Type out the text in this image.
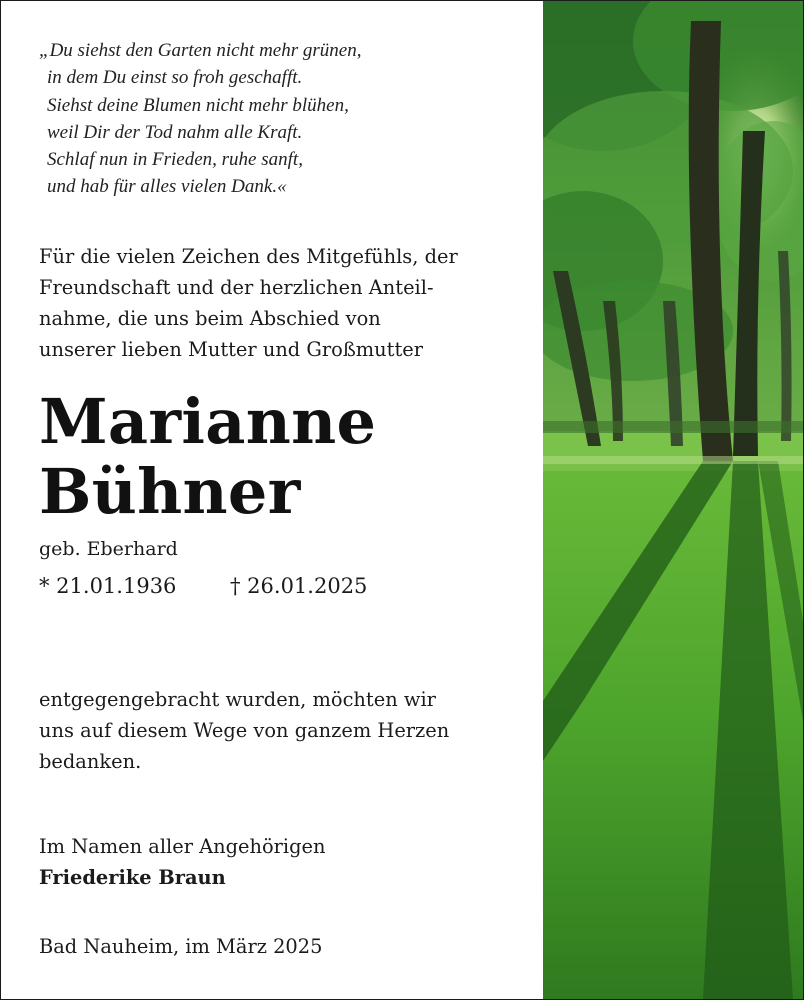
„Du siehst den Garten nicht mehr grünen,
in dem Du einst so froh geschafft.
Siehst deine Blumen nicht mehr blühen,
weil Dir der Tod nahm alle Kraft.
Schlaf nun in Frieden, ruhe sanft,
und hab für alles vielen Dank.«
Für die vielen Zeichen des Mitgefühls, der
Freundschaft und der herzlichen Anteil-
nahme, die uns beim Abschied von
unserer lieben Mutter und Großmutter
Marianne
Bühner
geb. Eberhard
* 21.01.1936	† 26.01.2025
entgegengebracht wurden, möchten wir
uns auf diesem Wege von ganzem Herzen
bedanken.
Im Namen aller Angehörigen
Friederike Braun
Bad Nauheim, im März 2025
